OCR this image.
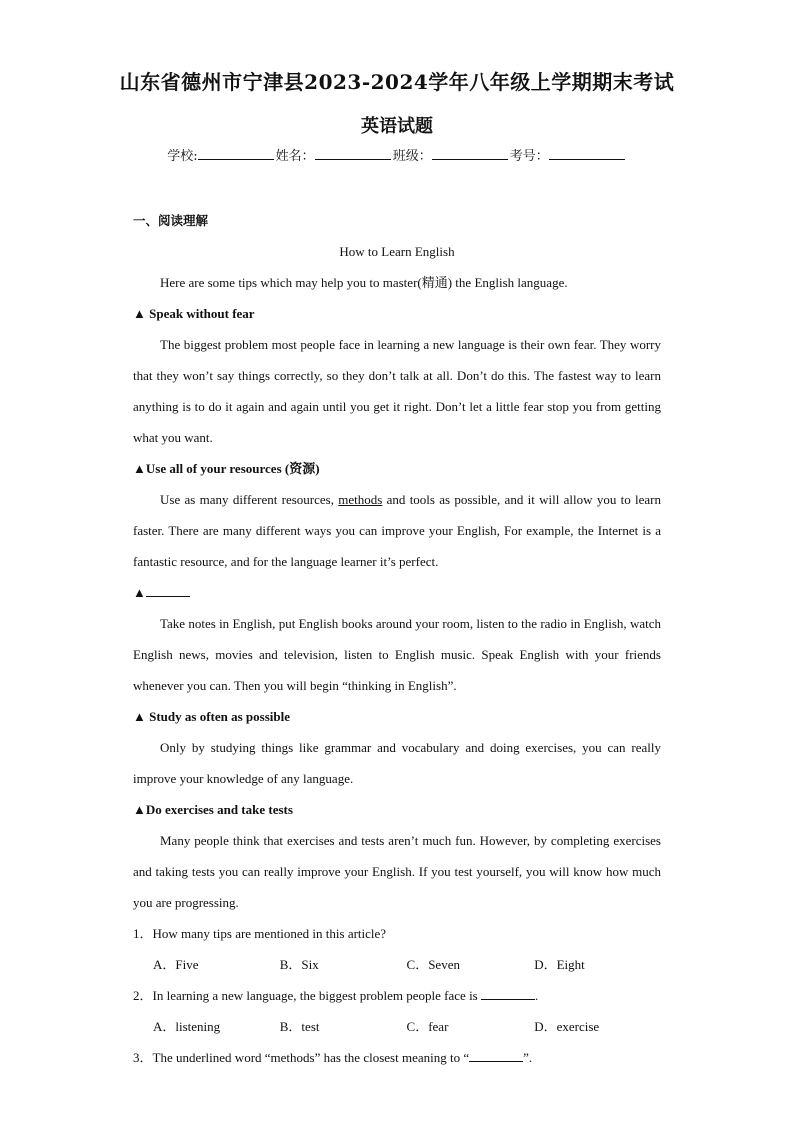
山东省德州市宁津县2023-2024学年八年级上学期期末考试
英语试题
学校:	姓名：	班级：	考号：
一、阅读理解
How to Learn English
Here are some tips which may help you to master(精通) the English language.
▲ Speak without fear
The biggest problem most people face in learning a new language is their own fear. They worry that they won’t say things correctly, so they don’t talk at all. Don’t do this. The fastest way to learn anything is to do it again and again until you get it right. Don’t let a little fear stop you from getting what you want.
▲Use all of your resources (资源)
Use as many different resources, methods and tools as possible, and it will allow you to learn faster. There are many different ways you can improve your English, For example, the Internet is a fantastic resource, and for the language learner it’s perfect.
▲
Take notes in English, put English books around your room, listen to the radio in English, watch English news, movies and television, listen to English music. Speak English with your friends whenever you can. Then you will begin “thinking in English”.
▲ Study as often as possible
Only by studying things like grammar and vocabulary and doing exercises, you can really improve your knowledge of any language.
▲Do exercises and take tests
Many people think that exercises and tests aren’t much fun. However, by completing exercises and taking tests you can really improve your English. If you test yourself, you will know how much you are progressing.
1．How many tips are mentioned in this article?
A．Five	B．Six	C．Seven	D．Eight
2．In learning a new language, the biggest problem people face is	.
A．listening	B．test	C．fear	D．exercise
3．The underlined word “methods” has the closest meaning to “	”.
